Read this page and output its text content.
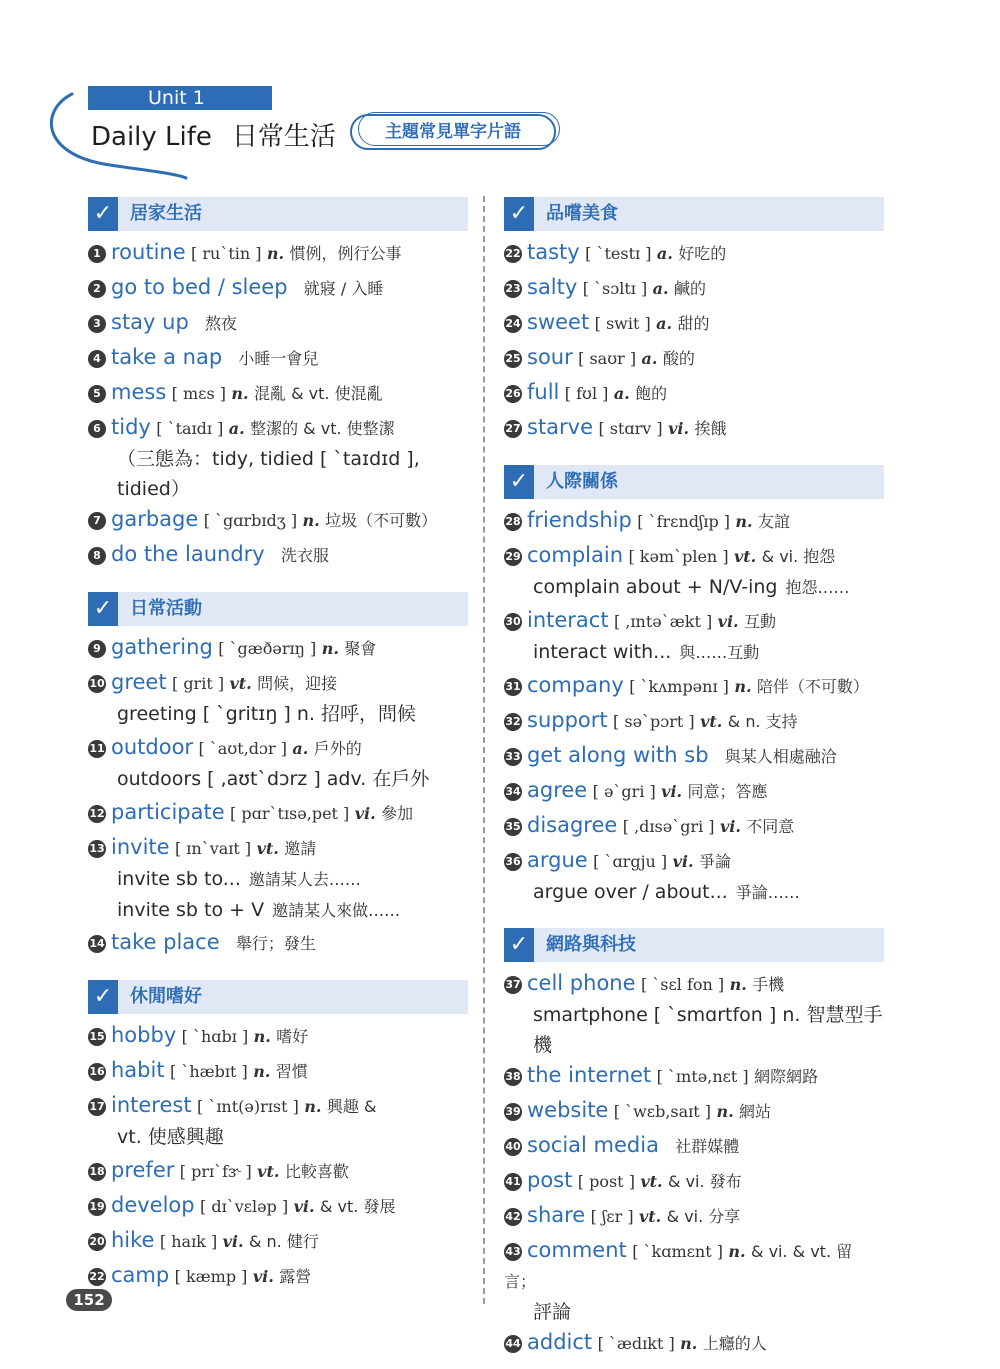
Unit 1
Daily Life 日常生活	主題常見單字片語
✓ 居家生活
1 routine [ ruˋtin ] n. 慣例，例行公事
2 go to bed / sleep 就寢 / 入睡
3 stay up 熬夜
4 take a nap 小睡一會兒
5 mess [ mɛs ] n. 混亂 & vt. 使混亂
6 tidy [ ˋtaɪdɪ ] a. 整潔的 & vt. 使整潔
（三態為：tidy, tidied [ ˋtaɪdɪd ], tidied）
7 garbage [ ˋgɑrbɪdʒ ] n. 垃圾（不可數）
8 do the laundry 洗衣服
✓ 日常活動
9 gathering [ ˋgæðərɪŋ ] n. 聚會
10 greet [ grit ] vt. 問候，迎接
greeting [ ˋgritɪŋ ] n. 招呼，問候
11 outdoor [ ˋaʊt,dɔr ] a. 戶外的
outdoors [ ,aʊtˋdɔrz ] adv. 在戶外
12 participate [ pɑrˋtɪsə,pet ] vi. 參加
13 invite [ ɪnˋvaɪt ] vt. 邀請
invite sb to... 邀請某人去……
invite sb to + V 邀請某人來做……
14 take place 舉行；發生
✓ 休閒嗜好
15 hobby [ ˋhɑbɪ ] n. 嗜好
16 habit [ ˋhæbɪt ] n. 習慣
17 interest [ ˋɪnt(ə)rɪst ] n. 興趣 &
vt. 使感興趣
18 prefer [ prɪˋfɝ ] vt. 比較喜歡
19 develop [ dɪˋvɛləp ] vi. & vt. 發展
20 hike [ haɪk ] vi. & n. 健行
22 camp [ kæmp ] vi. 露營
✓ 品嚐美食
22 tasty [ ˋtestɪ ] a. 好吃的
23 salty [ ˋsɔltɪ ] a. 鹹的
24 sweet [ swit ] a. 甜的
25 sour [ saʊr ] a. 酸的
26 full [ fʊl ] a. 飽的
27 starve [ stɑrv ] vi. 挨餓
✓ 人際關係
28 friendship [ ˋfrɛndʃɪp ] n. 友誼
29 complain [ kəmˋplen ] vt. & vi. 抱怨
complain about + N/V-ing 抱怨……
30 interact [ ,ɪntəˋækt ] vi. 互動
interact with... 與……互動
31 company [ ˋkʌmpənɪ ] n. 陪伴（不可數）
32 support [ səˋpɔrt ] vt. & n. 支持
33 get along with sb 與某人相處融洽
34 agree [ əˋgri ] vi. 同意；答應
35 disagree [ ,dɪsəˋgri ] vi. 不同意
36 argue [ ˋɑrgju ] vi. 爭論
argue over / about... 爭論……
✓ 網路與科技
37 cell phone [ ˋsɛl fon ] n. 手機
smartphone [ ˋsmɑrtfon ] n. 智慧型手機
38 the internet [ ˋɪntə,nɛt ] 網際網路
39 website [ ˋwɛb,saɪt ] n. 網站
40 social media 社群媒體
41 post [ post ] vt. & vi. 發布
42 share [ ʃɛr ] vt. & vi. 分享
43 comment [ ˋkɑmɛnt ] n. & vi. & vt. 留言；
評論
44 addict [ ˋædɪkt ] n. 上癮的人
152
